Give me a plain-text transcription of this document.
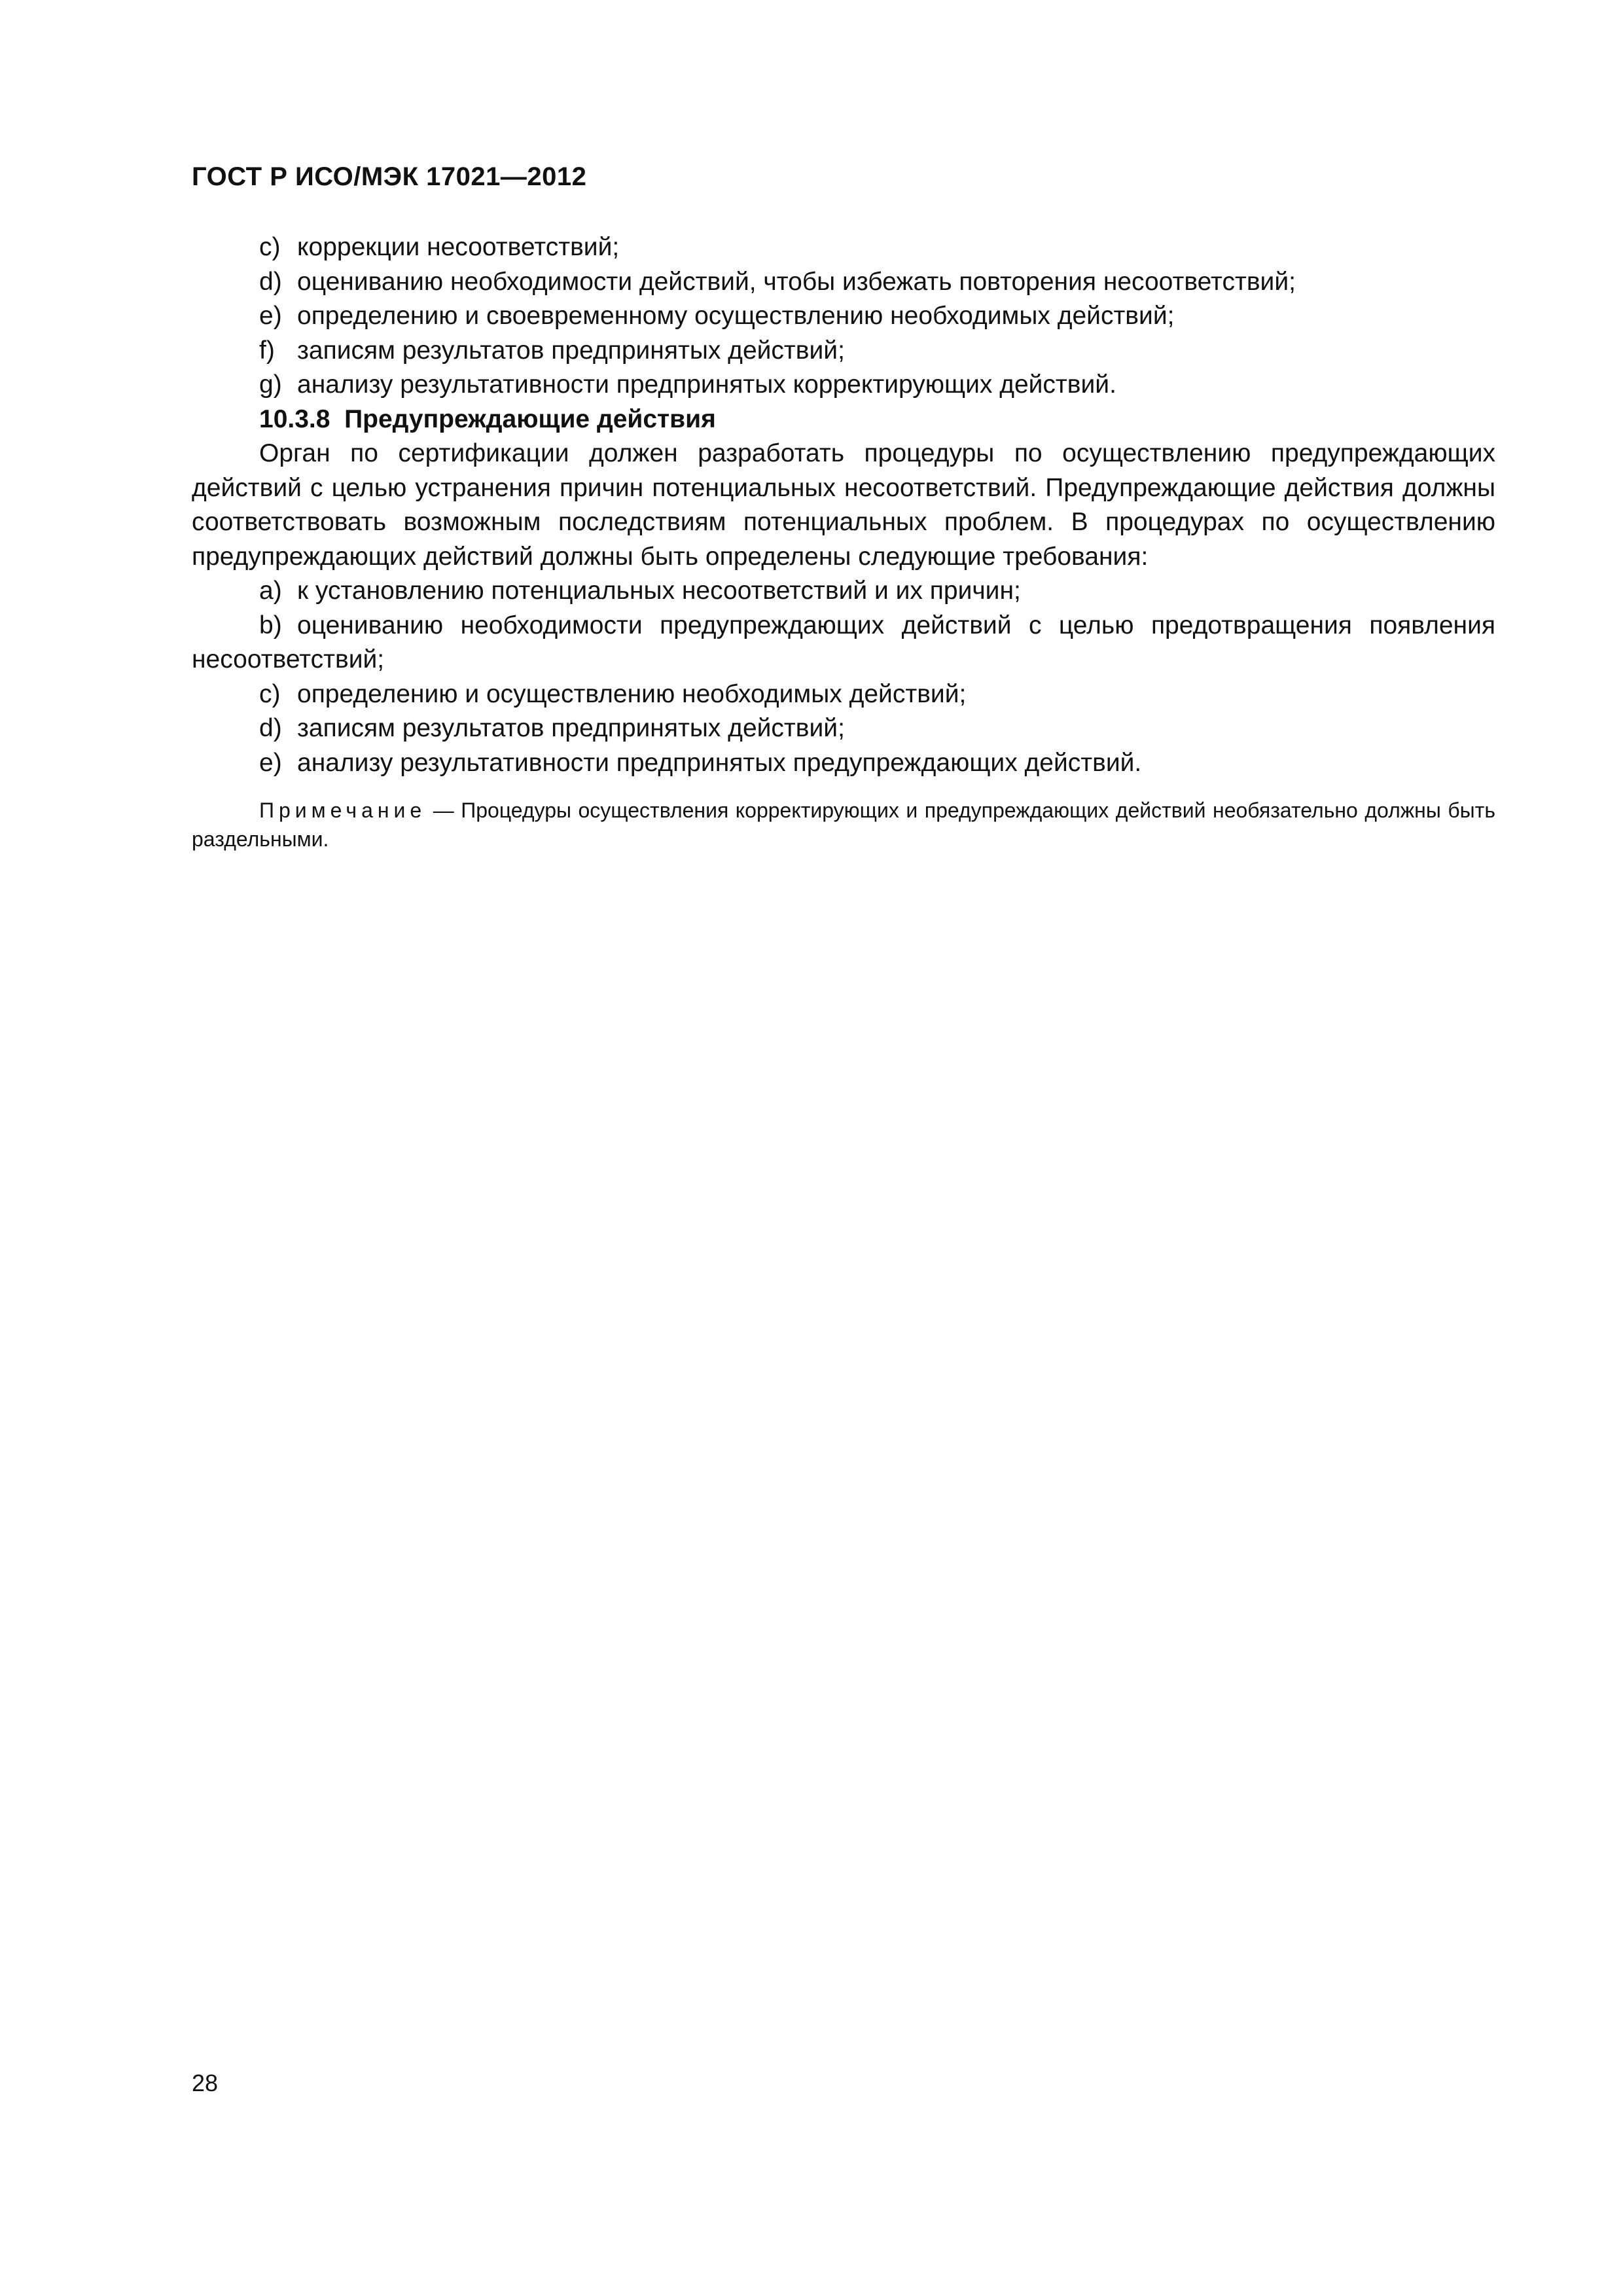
ГОСТ Р ИСО/МЭК 17021—2012
c) коррекции несоответствий;
d) оцениванию необходимости действий, чтобы избежать повторения несоответствий;
e) определению и своевременному осуществлению необходимых действий;
f) записям результатов предпринятых действий;
g) анализу результативности предпринятых корректирующих действий.
10.3.8 Предупреждающие действия
Орган по сертификации должен разработать процедуры по осуществлению предупреждающих действий с целью устранения причин потенциальных несоответствий. Предупреждающие действия должны соответствовать возможным последствиям потенциальных проблем. В процедурах по осуществлению предупреждающих действий должны быть определены следующие требования:
a) к установлению потенциальных несоответствий и их причин;
b) оцениванию необходимости предупреждающих действий с целью предотвращения появления несоответствий;
c) определению и осуществлению необходимых действий;
d) записям результатов предпринятых действий;
e) анализу результативности предпринятых предупреждающих действий.
Примечание — Процедуры осуществления корректирующих и предупреждающих действий необязательно должны быть раздельными.
28
